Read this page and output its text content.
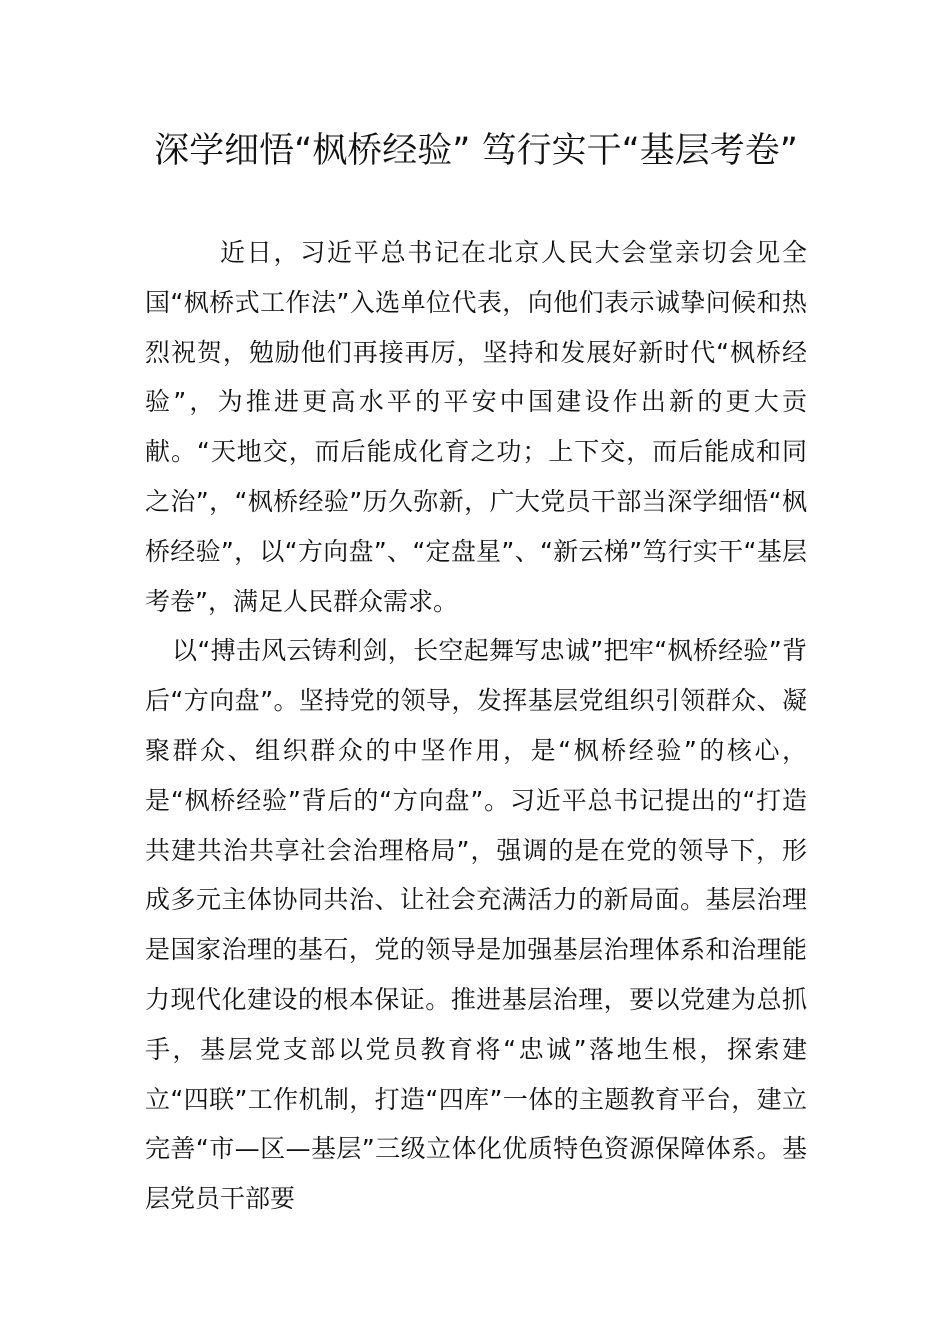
深学细悟“枫桥经验” 笃行实干“基层考卷”

近日，习近平总书记在北京人民大会堂亲切会见全国“枫桥式工作法”入选单位代表，向他们表示诚挚问候和热烈祝贺，勉励他们再接再厉，坚持和发展好新时代“枫桥经验”，为推进更高水平的平安中国建设作出新的更大贡献。“天地交，而后能成化育之功；上下交，而后能成和同之治”，“枫桥经验”历久弥新，广大党员干部当深学细悟“枫桥经验”，以“方向盘”、“定盘星”、“新云梯”笃行实干“基层考卷”，满足人民群众需求。

以“搏击风云铸利剑，长空起舞写忠诚”把牢“枫桥经验”背后“方向盘”。坚持党的领导，发挥基层党组织引领群众、凝聚群众、组织群众的中坚作用，是“枫桥经验”的核心，是“枫桥经验”背后的“方向盘”。习近平总书记提出的“打造共建共治共享社会治理格局”，强调的是在党的领导下，形成多元主体协同共治、让社会充满活力的新局面。基层治理是国家治理的基石，党的领导是加强基层治理体系和治理能力现代化建设的根本保证。推进基层治理，要以党建为总抓手，基层党支部以党员教育将“忠诚”落地生根，探索建立“四联”工作机制，打造“四库”一体的主题教育平台，建立完善“市—区—基层”三级立体化优质特色资源保障体系。基层党员干部要
